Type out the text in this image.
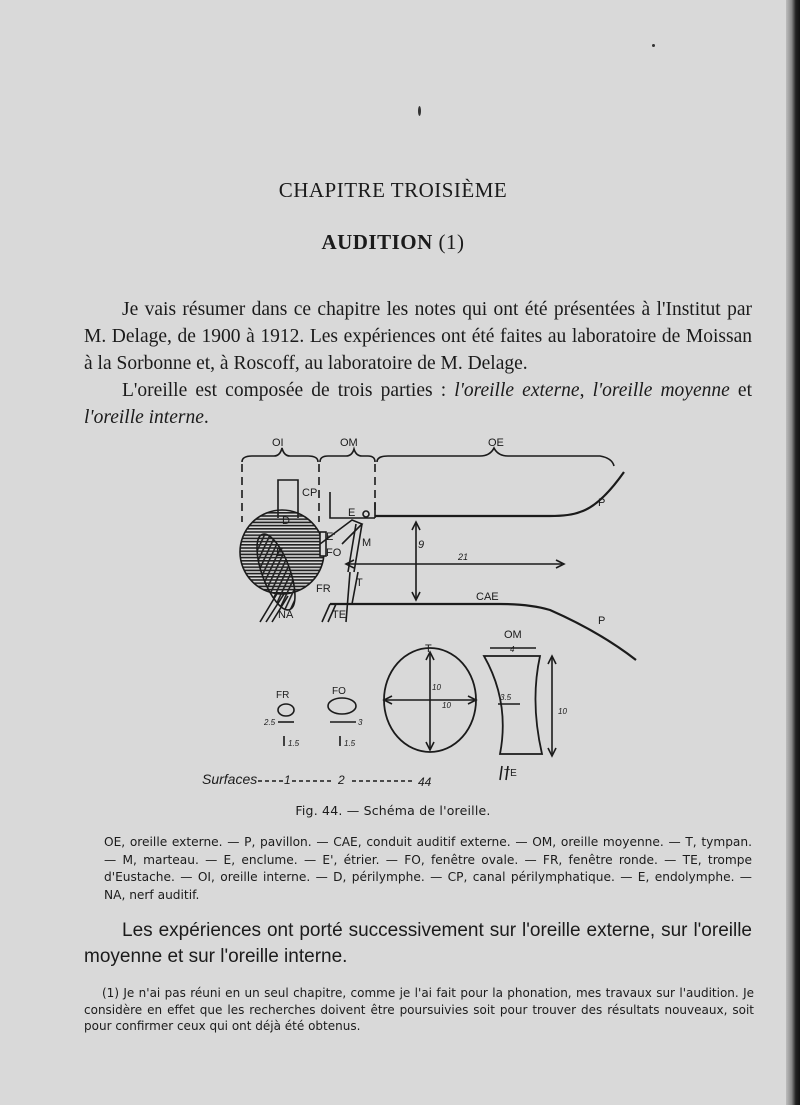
CHAPITRE TROISIÈME
AUDITION (1)
Je vais résumer dans ce chapitre les notes qui ont été présentées à l'Institut par M. Delage, de 1900 à 1912. Les expériences ont été faites au laboratoire de Moissan à la Sorbonne et, à Roscoff, au laboratoire de M. Delage.
L'oreille est composée de trois parties : l'oreille externe, l'oreille moyenne et l'oreille interne.
OI	OM	OE
CP
D
E
E
E'
FO
M
FR T
NA	TE
CAE
P
P
9
21
OM
4
T
10
10
3.5
10
TE
FR	FO
2.5	3
1.5	1.5
Surfaces 1	2	44
Fig. 44. — Schéma de l'oreille.
OE, oreille externe. — P, pavillon. — CAE, conduit auditif externe. — OM, oreille moyenne. — T, tympan. — M, marteau. — E, enclume. — E', étrier. — FO, fenêtre ovale. — FR, fenêtre ronde. — TE, trompe d'Eustache. — OI, oreille interne. — D, périlymphe. — CP, canal périlymphatique. — E, endolymphe. — NA, nerf auditif.
Les expériences ont porté successivement sur l'oreille externe, sur l'oreille moyenne et sur l'oreille interne.
(1) Je n'ai pas réuni en un seul chapitre, comme je l'ai fait pour la phonation, mes travaux sur l'audition. Je considère en effet que les recherches doivent être poursuivies soit pour trouver des résultats nouveaux, soit pour confirmer ceux qui ont déjà été obtenus.
